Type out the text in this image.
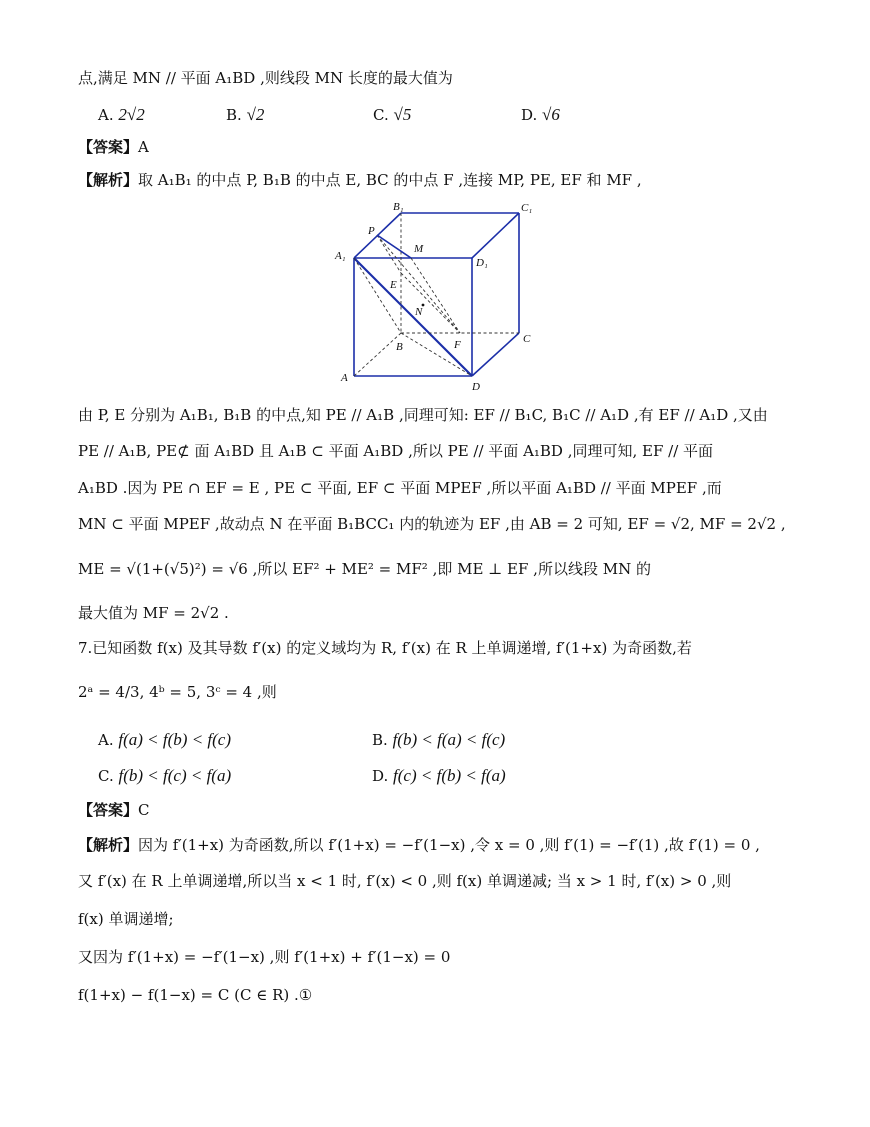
点,满足 MN // 平面 A₁BD ,则线段 MN 长度的最大值为
A. 2√2	B. √2	C. √5	D. √6
【答案】A
【解析】取 A₁B₁ 的中点 P, B₁B 的中点 E, BC 的中点 F ,连接 MP, PE, EF 和 MF ,
B₁	C₁
A₁
D₁
P
M
E
N
B	F	C
A
D
由 P, E 分别为 A₁B₁, B₁B 的中点,知 PE // A₁B ,同理可知: EF // B₁C, B₁C // A₁D ,有 EF // A₁D ,又由
PE // A₁B, PE⊄ 面 A₁BD 且 A₁B ⊂ 平面 A₁BD ,所以 PE // 平面 A₁BD ,同理可知, EF // 平面
A₁BD .因为 PE ∩ EF = E , PE ⊂ 平面, EF ⊂ 平面 MPEF ,所以平面 A₁BD // 平面 MPEF ,而
MN ⊂ 平面 MPEF ,故动点 N 在平面 B₁BCC₁ 内的轨迹为 EF ,由 AB = 2 可知, EF = √2, MF = 2√2 ,
ME = √(1+(√5)²) = √6 ,所以 EF² + ME² = MF² ,即 ME ⊥ EF ,所以线段 MN 的
最大值为 MF = 2√2 .
7.已知函数 f(x) 及其导数 f′(x) 的定义域均为 R, f′(x) 在 R 上单调递增, f′(1+x) 为奇函数,若
2ᵃ = 4/3, 4ᵇ = 5, 3ᶜ = 4 ,则
A. f(a) < f(b) < f(c)	B. f(b) < f(a) < f(c)
C. f(b) < f(c) < f(a)	D. f(c) < f(b) < f(a)
【答案】C
【解析】因为 f′(1+x) 为奇函数,所以 f′(1+x) = −f′(1−x) ,令 x = 0 ,则 f′(1) = −f′(1) ,故 f′(1) = 0 ,
又 f′(x) 在 R 上单调递增,所以当 x < 1 时, f′(x) < 0 ,则 f(x) 单调递减; 当 x > 1 时, f′(x) > 0 ,则
f(x) 单调递增;
又因为 f′(1+x) = −f′(1−x) ,则 f′(1+x) + f′(1−x) = 0
f(1+x) − f(1−x) = C (C ∈ R) .①
